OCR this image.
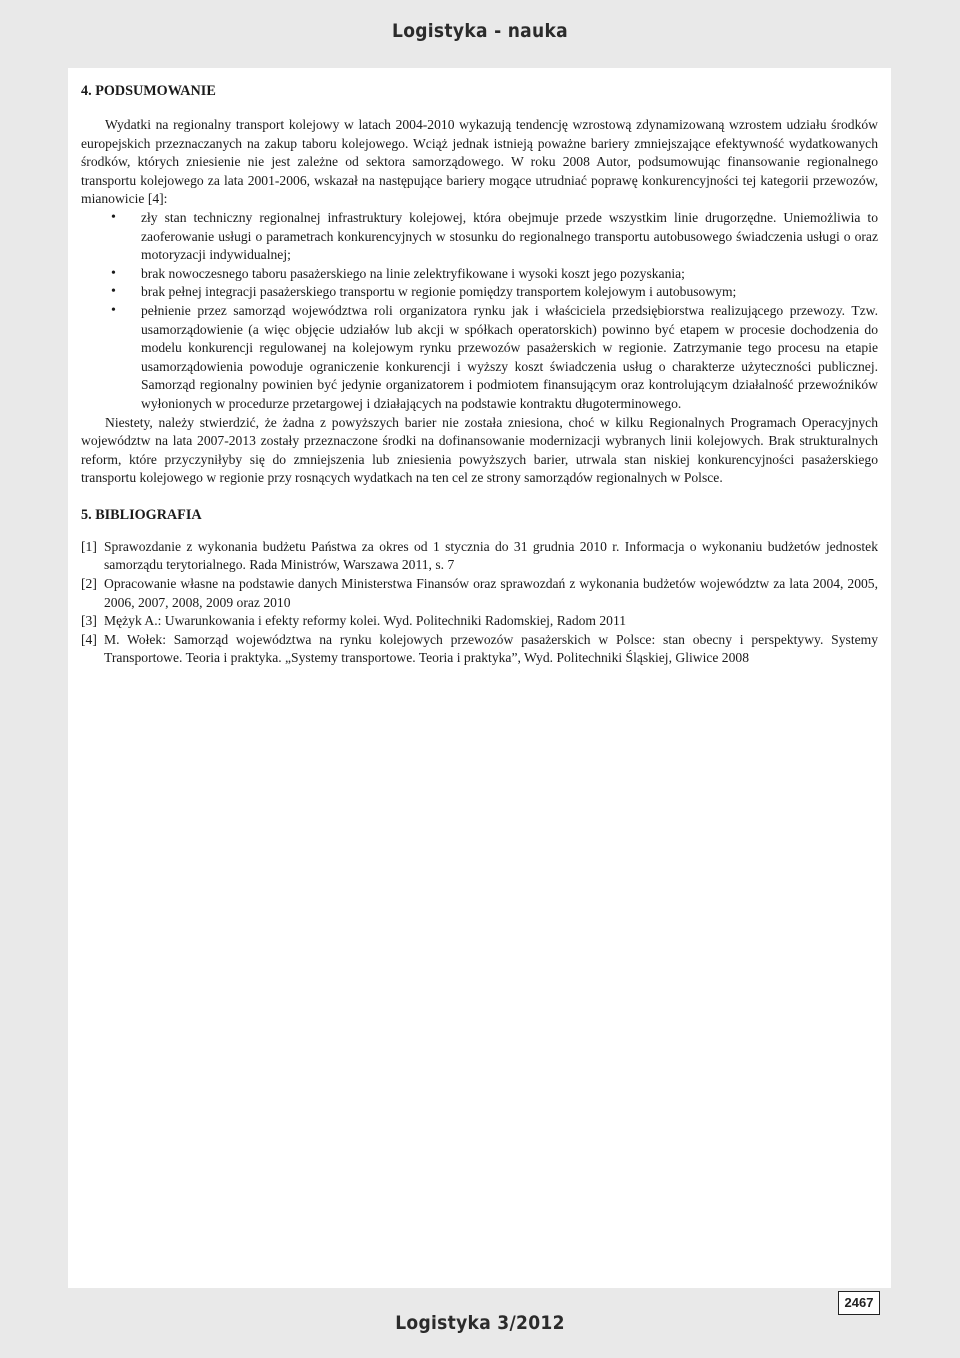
Logistyka - nauka
4. PODSUMOWANIE

Wydatki na regionalny transport kolejowy w latach 2004-2010 wykazują tendencję wzrostową zdynamizowaną wzrostem udziału środków europejskich przeznaczanych na zakup taboru kolejowego. Wciąż jednak istnieją poważne bariery zmniejszające efektywność wydatkowanych środków, których zniesienie nie jest zależne od sektora samorządowego. W roku 2008 Autor, podsumowując finansowanie regionalnego transportu kolejowego za lata 2001-2006, wskazał na następujące bariery mogące utrudniać poprawę konkurencyjności tej kategorii przewozów, mianowicie [4]:

• zły stan techniczny regionalnej infrastruktury kolejowej, która obejmuje przede wszystkim linie drugorzędne. Uniemożliwia to zaoferowanie usługi o parametrach konkurencyjnych w stosunku do regionalnego transportu autobusowego świadczenia usługi o oraz motoryzacji indywidualnej;
• brak nowoczesnego taboru pasażerskiego na linie zelektryfikowane i wysoki koszt jego pozyskania;
• brak pełnej integracji pasażerskiego transportu w regionie pomiędzy transportem kolejowym i autobusowym;
• pełnienie przez samorząd województwa roli organizatora rynku jak i właściciela przedsiębiorstwa realizującego przewozy. Tzw. usamorządowienie (a więc objęcie udziałów lub akcji w spółkach operatorskich) powinno być etapem w procesie dochodzenia do modelu konkurencji regulowanej na kolejowym rynku przewozów pasażerskich w regionie. Zatrzymanie tego procesu na etapie usamorządowienia powoduje ograniczenie konkurencji i wyższy koszt świadczenia usług o charakterze użyteczności publicznej. Samorząd regionalny powinien być jedynie organizatorem i podmiotem finansującym oraz kontrolującym działalność przewoźników wyłonionych w procedurze przetargowej i działających na podstawie kontraktu długoterminowego.

Niestety, należy stwierdzić, że żadna z powyższych barier nie została zniesiona, choć w kilku Regionalnych Programach Operacyjnych województw na lata 2007-2013 zostały przeznaczone środki na dofinansowanie modernizacji wybranych linii kolejowych. Brak strukturalnych reform, które przyczyniłyby się do zmniejszenia lub zniesienia powyższych barier, utrwala stan niskiej konkurencyjności pasażerskiego transportu kolejowego w regionie przy rosnących wydatkach na ten cel ze strony samorządów regionalnych w Polsce.

5. BIBLIOGRAFIA
[1] Sprawozdanie z wykonania budżetu Państwa za okres od 1 stycznia do 31 grudnia 2010 r. Informacja o wykonaniu budżetów jednostek samorządu terytorialnego. Rada Ministrów, Warszawa 2011, s. 7
[2] Opracowanie własne na podstawie danych Ministerstwa Finansów oraz sprawozdań z wykonania budżetów województw za lata 2004, 2005, 2006, 2007, 2008, 2009 oraz 2010
[3] Mężyk A.: Uwarunkowania i efekty reformy kolei. Wyd. Politechniki Radomskiej, Radom 2011
[4] M. Wołek: Samorząd województwa na rynku kolejowych przewozów pasażerskich w Polsce: stan obecny i perspektywy. Systemy Transportowe. Teoria i praktyka. „Systemy transportowe. Teoria i praktyka”, Wyd. Politechniki Śląskiej, Gliwice 2008
2467
Logistyka 3/2012
